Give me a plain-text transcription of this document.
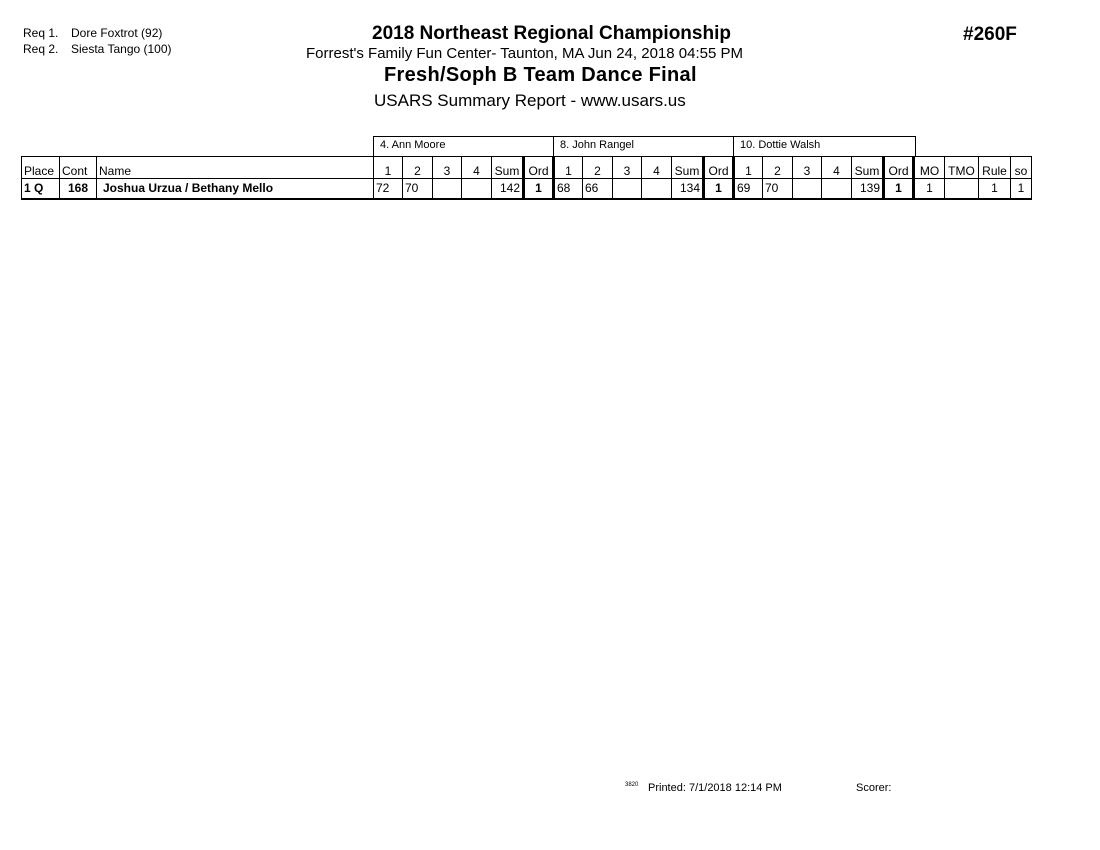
Req 1. Dore Foxtrot (92)
Req 2. Siesta Tango (100)
2018 Northeast Regional Championship
Forrest's Family Fun Center- Taunton, MA Jun 24, 2018 04:55 PM
Fresh/Soph B Team Dance Final
USARS Summary Report - www.usars.us
#260F
4. Ann Moore	8. John Rangel	10. Dottie Walsh
Place	Cont	Name	1	2	3	4	Sum	Ord	1	2	3	4	Sum	Ord	1	2	3	4	Sum	Ord	MO	TMO	Rule	so
1 Q	168	Joshua Urzua / Bethany Mello	72	70			142	1	68	66			134	1	69	70			139	1	1		1	1
3820 Printed: 7/1/2018 12:14 PM	Scorer:
